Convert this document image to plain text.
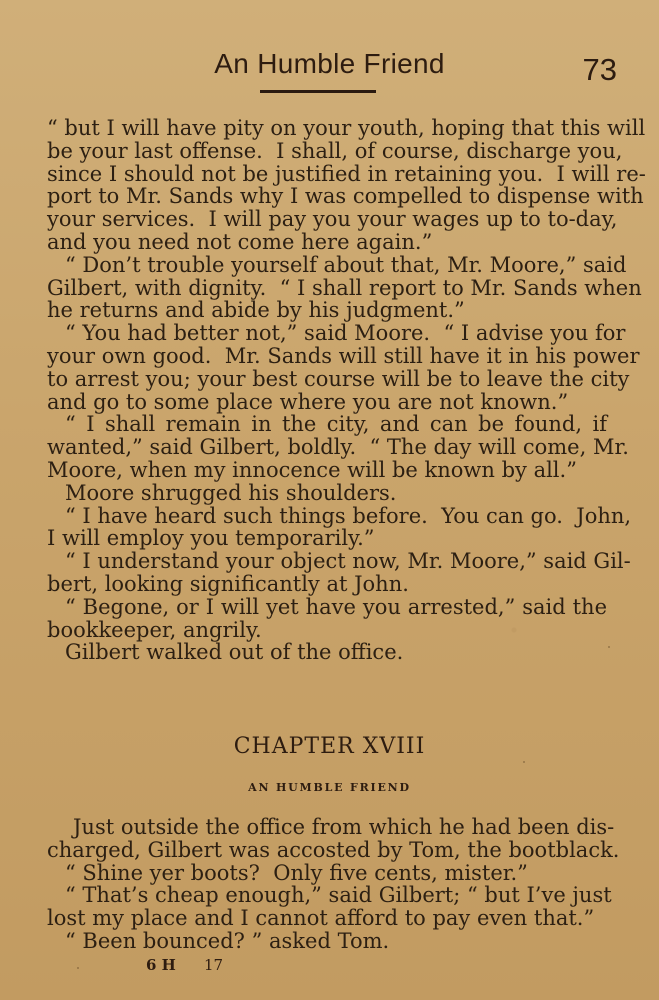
An Humble Friend	73
“ but I will have pity on your youth, hoping that this will
be your last offense.  I shall, of course, discharge you,
since I should not be justified in retaining you.  I will re-
port to Mr. Sands why I was compelled to dispense with
your services.  I will pay you your wages up to to-day,
and you need not come here again.”
“ Don’t trouble yourself about that, Mr. Moore,” said
Gilbert, with dignity.  “ I shall report to Mr. Sands when
he returns and abide by his judgment.”
“ You had better not,” said Moore.  “ I advise you for
your own good.  Mr. Sands will still have it in his power
to arrest you; your best course will be to leave the city
and go to some place where you are not known.”
“ I shall remain in the city, and can be found, if
wanted,” said Gilbert, boldly.  “ The day will come, Mr.
Moore, when my innocence will be known by all.”
Moore shrugged his shoulders.
“ I have heard such things before.  You can go.  John,
I will employ you temporarily.”
“ I understand your object now, Mr. Moore,” said Gil-
bert, looking significantly at John.
“ Begone, or I will yet have you arrested,” said the
bookkeeper, angrily.
Gilbert walked out of the office.
CHAPTER XVIII
AN HUMBLE FRIEND
Just outside the office from which he had been dis-
charged, Gilbert was accosted by Tom, the bootblack.
“ Shine yer boots?  Only five cents, mister.”
“ That’s cheap enough,” said Gilbert; “ but I’ve just
lost my place and I cannot afford to pay even that.”
“ Been bounced? ” asked Tom.
6 H 17
